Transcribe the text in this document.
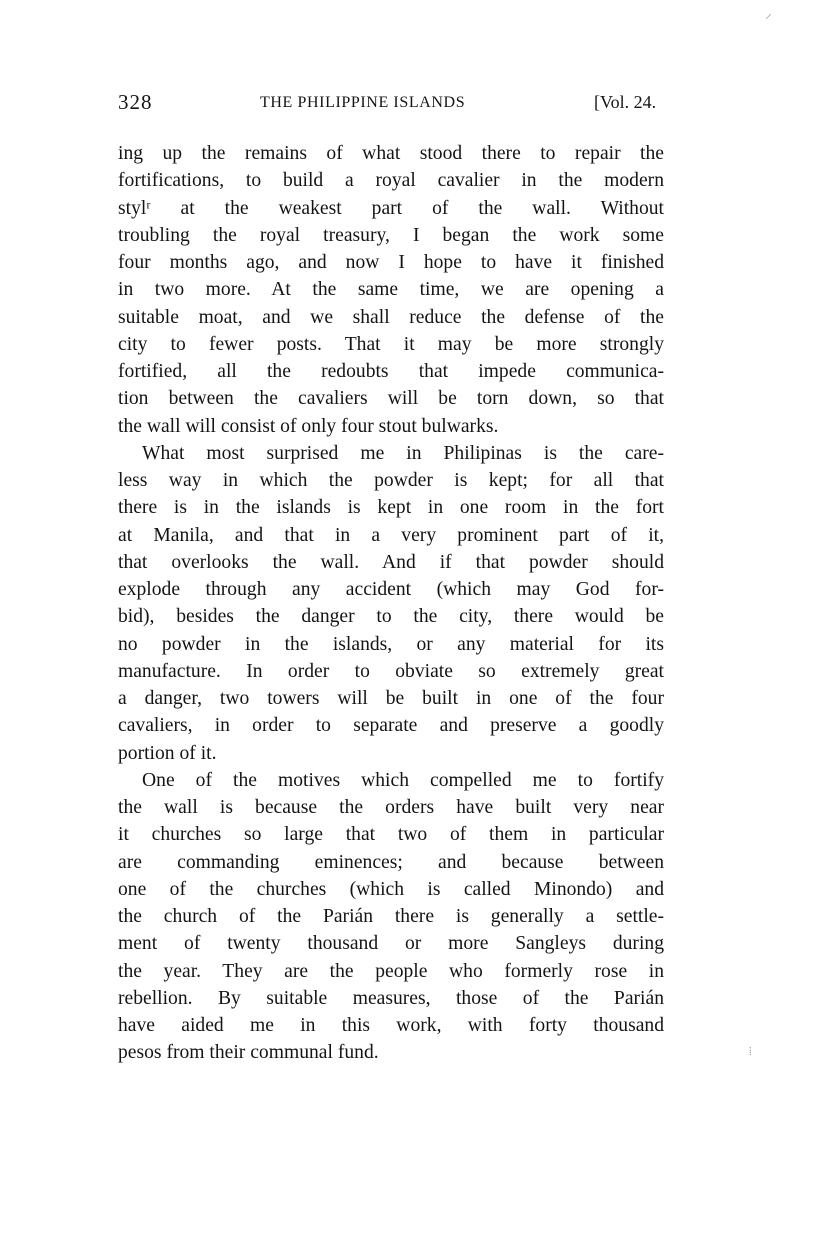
⸝
328	THE PHILIPPINE ISLANDS	[Vol. 24.
ing up the remains of what stood there to repair the
fortifications, to build a royal cavalier in the modern
stylʳ at the weakest part of the wall. Without
troubling the royal treasury, I began the work some
four months ago, and now I hope to have it finished
in two more. At the same time, we are opening a
suitable moat, and we shall reduce the defense of the
city to fewer posts. That it may be more strongly
fortified, all the redoubts that impede communica-
tion between the cavaliers will be torn down, so that
the wall will consist of only four stout bulwarks.
What most surprised me in Philipinas is the care-
less way in which the powder is kept; for all that
there is in the islands is kept in one room in the fort
at Manila, and that in a very prominent part of it,
that overlooks the wall. And if that powder should
explode through any accident (which may God for-
bid), besides the danger to the city, there would be
no powder in the islands, or any material for its
manufacture. In order to obviate so extremely great
a danger, two towers will be built in one of the four
cavaliers, in order to separate and preserve a goodly
portion of it.
One of the motives which compelled me to fortify
the wall is because the orders have built very near
it churches so large that two of them in particular
are commanding eminences; and because between
one of the churches (which is called Minondo) and
the church of the Parián there is generally a settle-
ment of twenty thousand or more Sangleys during
the year. They are the people who formerly rose in
rebellion. By suitable measures, those of the Parián
have aided me in this work, with forty thousand
pesos from their communal fund.	⁞
